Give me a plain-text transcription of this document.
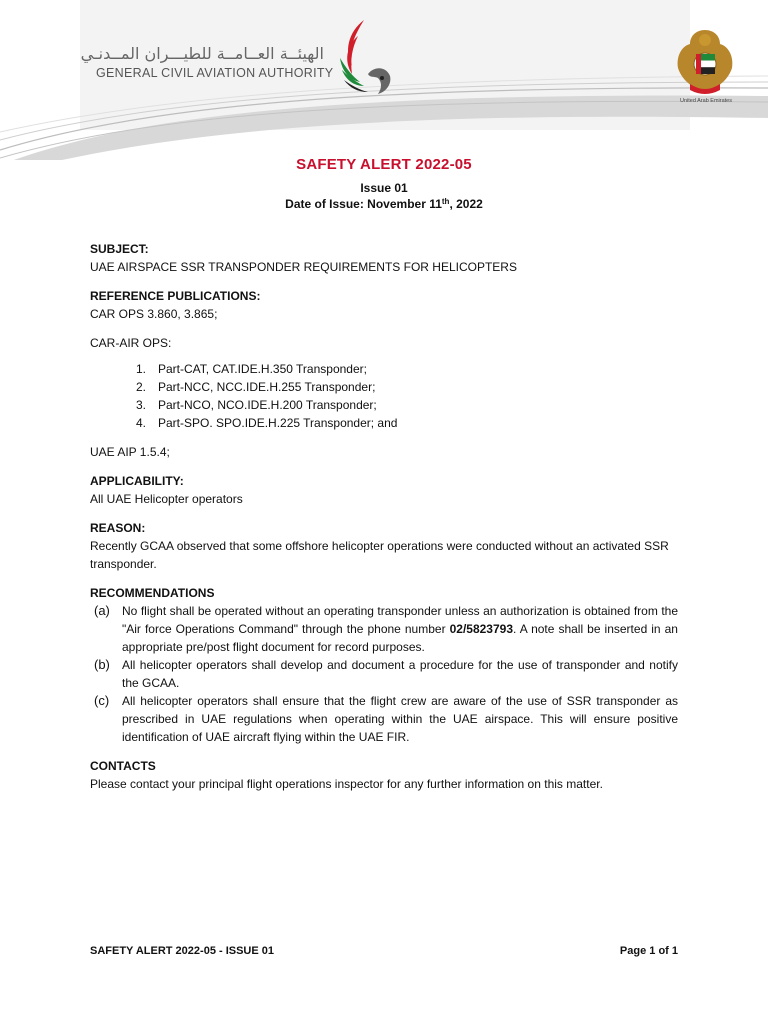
الهيئــة العــامــة للطيـــران المــدنـي
GENERAL CIVIL AVIATION AUTHORITY
United Arab Emirates
SAFETY ALERT 2022-05
Issue 01
Date of Issue: November 11th, 2022

SUBJECT:

UAE AIRSPACE SSR TRANSPONDER REQUIREMENTS FOR HELICOPTERS

REFERENCE PUBLICATIONS:

CAR OPS 3.860, 3.865;

CAR-AIR OPS:

1. Part-CAT, CAT.IDE.H.350 Transponder;
2. Part-NCC, NCC.IDE.H.255 Transponder;
3. Part-NCO, NCO.IDE.H.200 Transponder;
4. Part-SPO. SPO.IDE.H.225 Transponder; and

UAE AIP 1.5.4;

APPLICABILITY:

All UAE Helicopter operators

REASON:

Recently GCAA observed that some offshore helicopter operations were conducted without an activated SSR transponder.

RECOMMENDATIONS

(a)	No flight shall be operated without an operating transponder unless an authorization is obtained from the "Air force Operations Command" through the phone number 02/5823793. A note shall be inserted in an appropriate pre/post flight document for record purposes.
(b)	All helicopter operators shall develop and document a procedure for the use of transponder and notify the GCAA.
(c)	All helicopter operators shall ensure that the flight crew are aware of the use of SSR transponder as prescribed in UAE regulations when operating within the UAE airspace. This will ensure positive identification of UAE aircraft flying within the UAE FIR.

CONTACTS

Please contact your principal flight operations inspector for any further information on this matter.

SAFETY ALERT 2022-05 - ISSUE 01	Page 1 of 1
